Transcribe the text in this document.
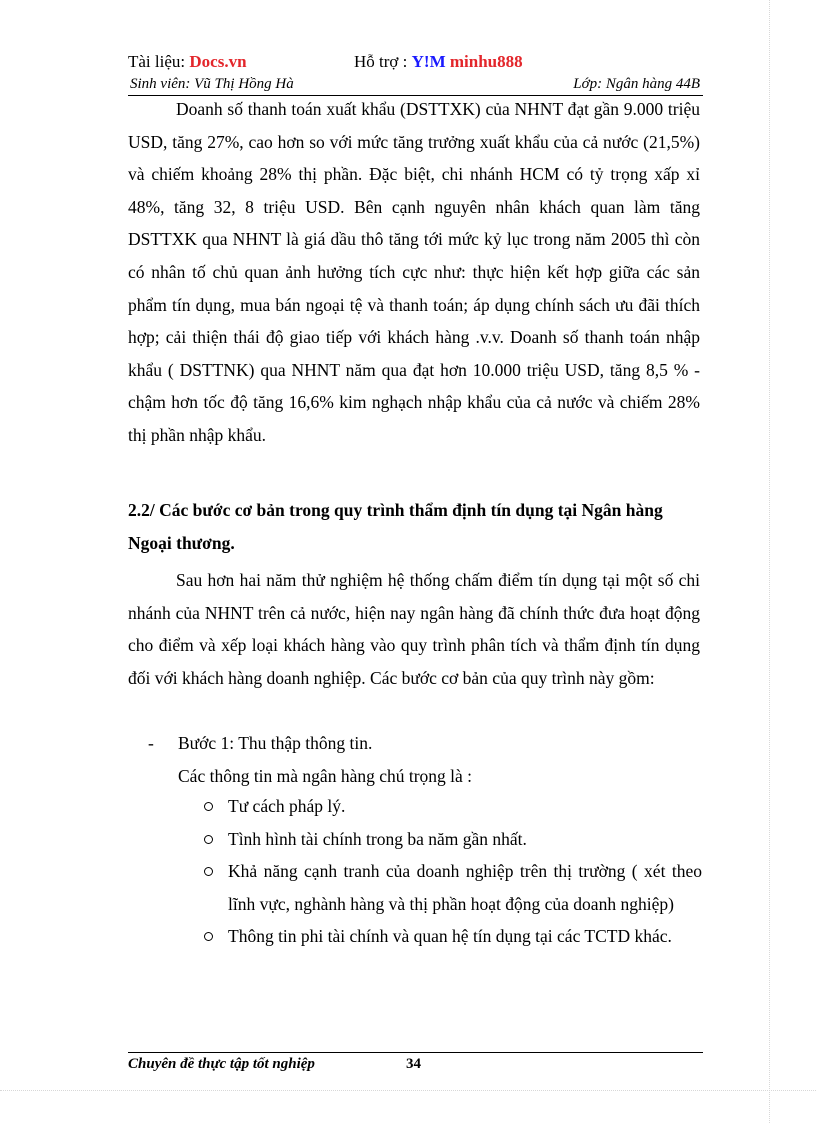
Tài liệu: Docs.vn	Hỗ trợ : Y!M minhu888
Sinh viên: Vũ Thị Hồng Hà	Lớp: Ngân hàng 44B

Doanh số thanh toán xuất khẩu (DSTTXK) của NHNT đạt gần 9.000 triệu USD, tăng 27%, cao hơn so với mức tăng trưởng xuất khẩu của cả nước (21,5%) và chiếm khoảng 28% thị phần. Đặc biệt, chi nhánh HCM có tỷ trọng xấp xỉ 48%, tăng 32, 8 triệu USD. Bên cạnh nguyên nhân khách quan làm tăng DSTTXK qua NHNT là giá dầu thô tăng tới mức kỷ lục trong năm 2005 thì còn có nhân tố chủ quan ảnh hưởng tích cực như: thực hiện kết hợp giữa các sản phẩm tín dụng, mua bán ngoại tệ và thanh toán; áp dụng chính sách ưu đãi thích hợp; cải thiện thái độ giao tiếp với khách hàng .v.v. Doanh số thanh toán nhập khẩu ( DSTTNK) qua NHNT năm qua đạt hơn 10.000 triệu USD, tăng 8,5 % - chậm hơn tốc độ tăng 16,6% kim nghạch nhập khẩu của cả nước và chiếm 28% thị phần nhập khẩu.

2.2/ Các bước cơ bản trong quy trình thẩm định tín dụng tại Ngân hàng Ngoại thương.

Sau hơn hai năm thử nghiệm hệ thống chấm điểm tín dụng tại một số chi nhánh của NHNT trên cả nước, hiện nay ngân hàng đã chính thức đưa hoạt động cho điểm và xếp loại khách hàng vào quy trình phân tích và thẩm định tín dụng đối với khách hàng doanh nghiệp. Các bước cơ bản của quy trình này gồm:

- Bước 1: Thu thập thông tin.
Các thông tin mà ngân hàng chú trọng là :
Tư cách pháp lý.
Tình hình tài chính trong ba năm gần nhất.
Khả năng cạnh tranh của doanh nghiệp trên thị trường ( xét theo lĩnh vực, nghành hàng và thị phần hoạt động của doanh nghiệp)
Thông tin phi tài chính và quan hệ tín dụng tại các TCTD khác.
Chuyên đề thực tập tốt nghiệp	34
